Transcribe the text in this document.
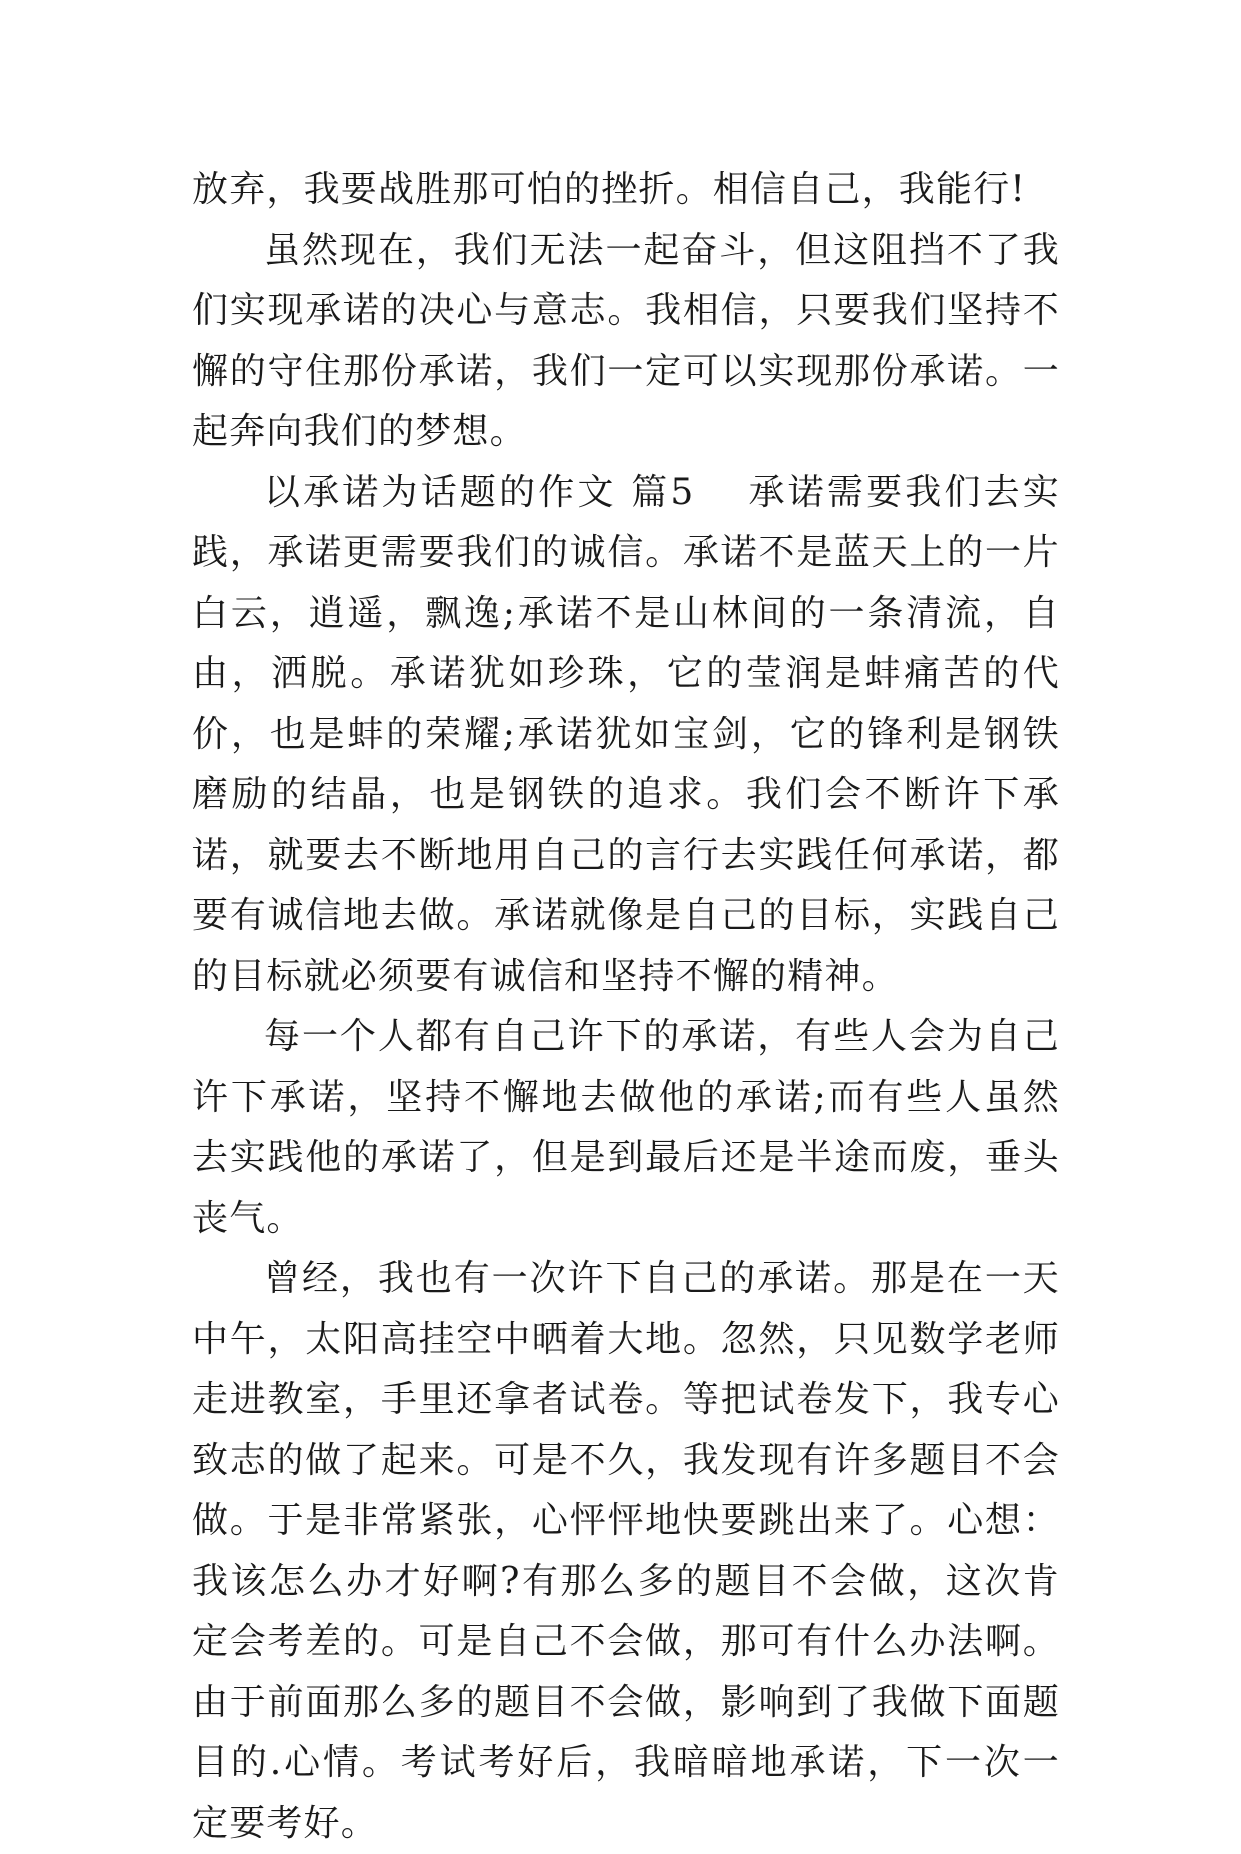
放弃，我要战胜那可怕的挫折。相信自己，我能行!

虽然现在，我们无法一起奋斗，但这阻挡不了我们实现承诺的决心与意志。我相信，只要我们坚持不懈的守住那份承诺，我们一定可以实现那份承诺。一起奔向我们的梦想。

以承诺为话题的作文 篇5 承诺需要我们去实践，承诺更需要我们的诚信。承诺不是蓝天上的一片白云，逍遥，飘逸;承诺不是山林间的一条清流，自由，洒脱。承诺犹如珍珠，它的莹润是蚌痛苦的代价，也是蚌的荣耀;承诺犹如宝剑，它的锋利是钢铁磨励的结晶，也是钢铁的追求。我们会不断许下承诺，就要去不断地用自己的言行去实践任何承诺，都要有诚信地去做。承诺就像是自己的目标，实践自己的目标就必须要有诚信和坚持不懈的精神。

每一个人都有自己许下的承诺，有些人会为自己许下承诺，坚持不懈地去做他的承诺;而有些人虽然去实践他的承诺了，但是到最后还是半途而废，垂头丧气。

曾经，我也有一次许下自己的承诺。那是在一天中午，太阳高挂空中晒着大地。忽然，只见数学老师走进教室，手里还拿者试卷。等把试卷发下，我专心致志的做了起来。可是不久，我发现有许多题目不会做。于是非常紧张，心怦怦地快要跳出来了。心想：我该怎么办才好啊?有那么多的题目不会做，这次肯定会考差的。可是自己不会做，那可有什么办法啊。由于前面那么多的题目不会做，影响到了我做下面题目的.心情。考试考好后，我暗暗地承诺，下一次一定要考好。
